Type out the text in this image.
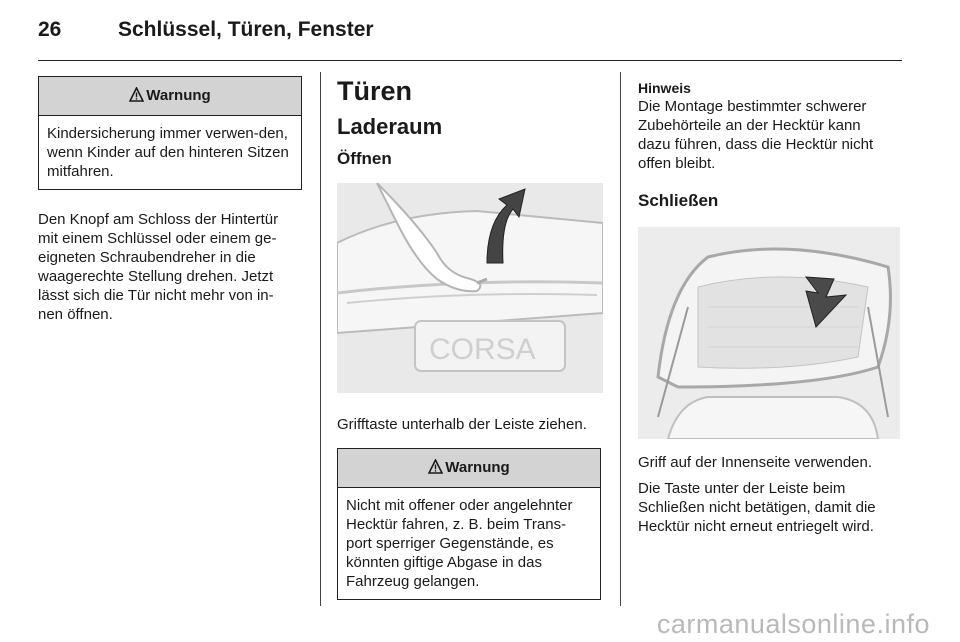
26	Schlüssel, Türen, Fenster
Warnung
Kindersicherung immer verwen-den, wenn Kinder auf den hinteren Sitzen mitfahren.
Den Knopf am Schloss der Hintertür
mit einem Schlüssel oder einem ge-
eigneten Schraubendreher in die
waagerechte Stellung drehen. Jetzt
lässt sich die Tür nicht mehr von in-
nen öffnen.
Türen
Laderaum
Öffnen
CORSA
Grifftaste unterhalb der Leiste ziehen.
Warnung
Nicht mit offener oder angelehnter
Hecktür fahren, z. B. beim Trans-
port sperriger Gegenstände, es
könnten giftige Abgase in das
Fahrzeug gelangen.
Hinweis
Die Montage bestimmter schwerer
Zubehörteile an der Hecktür kann
dazu führen, dass die Hecktür nicht
offen bleibt.
Schließen
Griff auf der Innenseite verwenden.
Die Taste unter der Leiste beim
Schließen nicht betätigen, damit die
Hecktür nicht erneut entriegelt wird.
carmanualsonline.info
